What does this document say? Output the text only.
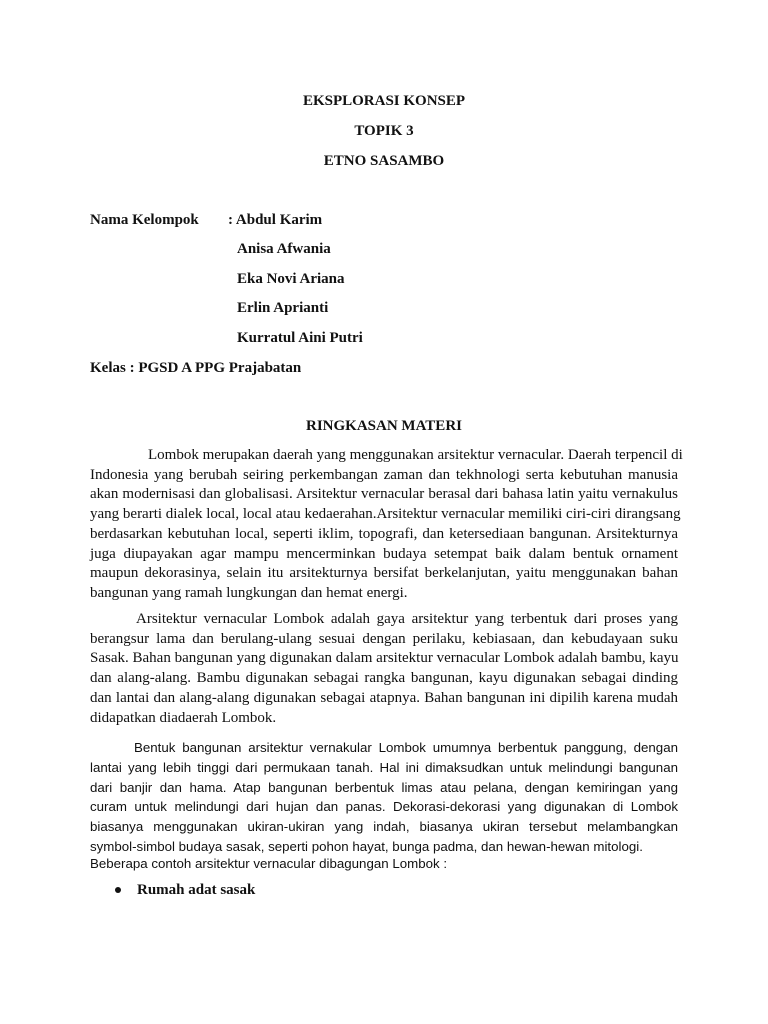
EKSPLORASI KONSEP
TOPIK 3
ETNO SASAMBO
Nama Kelompok : Abdul Karim
Anisa Afwania
Eka Novi Ariana
Erlin Aprianti
Kurratul Aini Putri
Kelas : PGSD A PPG Prajabatan
RINGKASAN MATERI
Lombok merupakan daerah yang menggunakan arsitektur vernacular. Daerah terpencil di
Indonesia yang berubah seiring perkembangan zaman dan tekhnologi serta kebutuhan manusia
akan modernisasi dan globalisasi. Arsitektur vernacular berasal dari bahasa latin yaitu vernakulus
yang berarti dialek local, local atau kedaerahan.Arsitektur vernacular memiliki ciri-ciri dirangsang
berdasarkan kebutuhan local, seperti iklim, topografi, dan ketersediaan bangunan. Arsitekturnya
juga diupayakan agar mampu mencerminkan budaya setempat baik dalam bentuk ornament
maupun dekorasinya, selain itu arsitekturnya bersifat berkelanjutan, yaitu menggunakan bahan
bangunan yang ramah lungkungan dan hemat energi.
Arsitektur vernacular Lombok adalah gaya arsitektur yang terbentuk dari proses yang
berangsur lama dan berulang-ulang sesuai dengan perilaku, kebiasaan, dan kebudayaan suku
Sasak. Bahan bangunan yang digunakan dalam arsitektur vernacular Lombok adalah bambu, kayu
dan alang-alang. Bambu digunakan sebagai rangka bangunan, kayu digunakan sebagai dinding
dan lantai dan alang-alang digunakan sebagai atapnya. Bahan bangunan ini dipilih karena mudah
didapatkan diadaerah Lombok.
Bentuk bangunan arsitektur vernakular Lombok umumnya berbentuk panggung, dengan
lantai yang lebih tinggi dari permukaan tanah. Hal ini dimaksudkan untuk melindungi bangunan
dari banjir dan hama. Atap bangunan berbentuk limas atau pelana, dengan kemiringan yang
curam untuk melindungi dari hujan dan panas. Dekorasi-dekorasi yang digunakan di Lombok
biasanya menggunakan ukiran-ukiran yang indah, biasanya ukiran tersebut melambangkan
symbol-simbol budaya sasak, seperti pohon hayat, bunga padma, dan hewan-hewan mitologi.
Beberapa contoh arsitektur vernacular dibagungan Lombok :
Rumah adat sasak
